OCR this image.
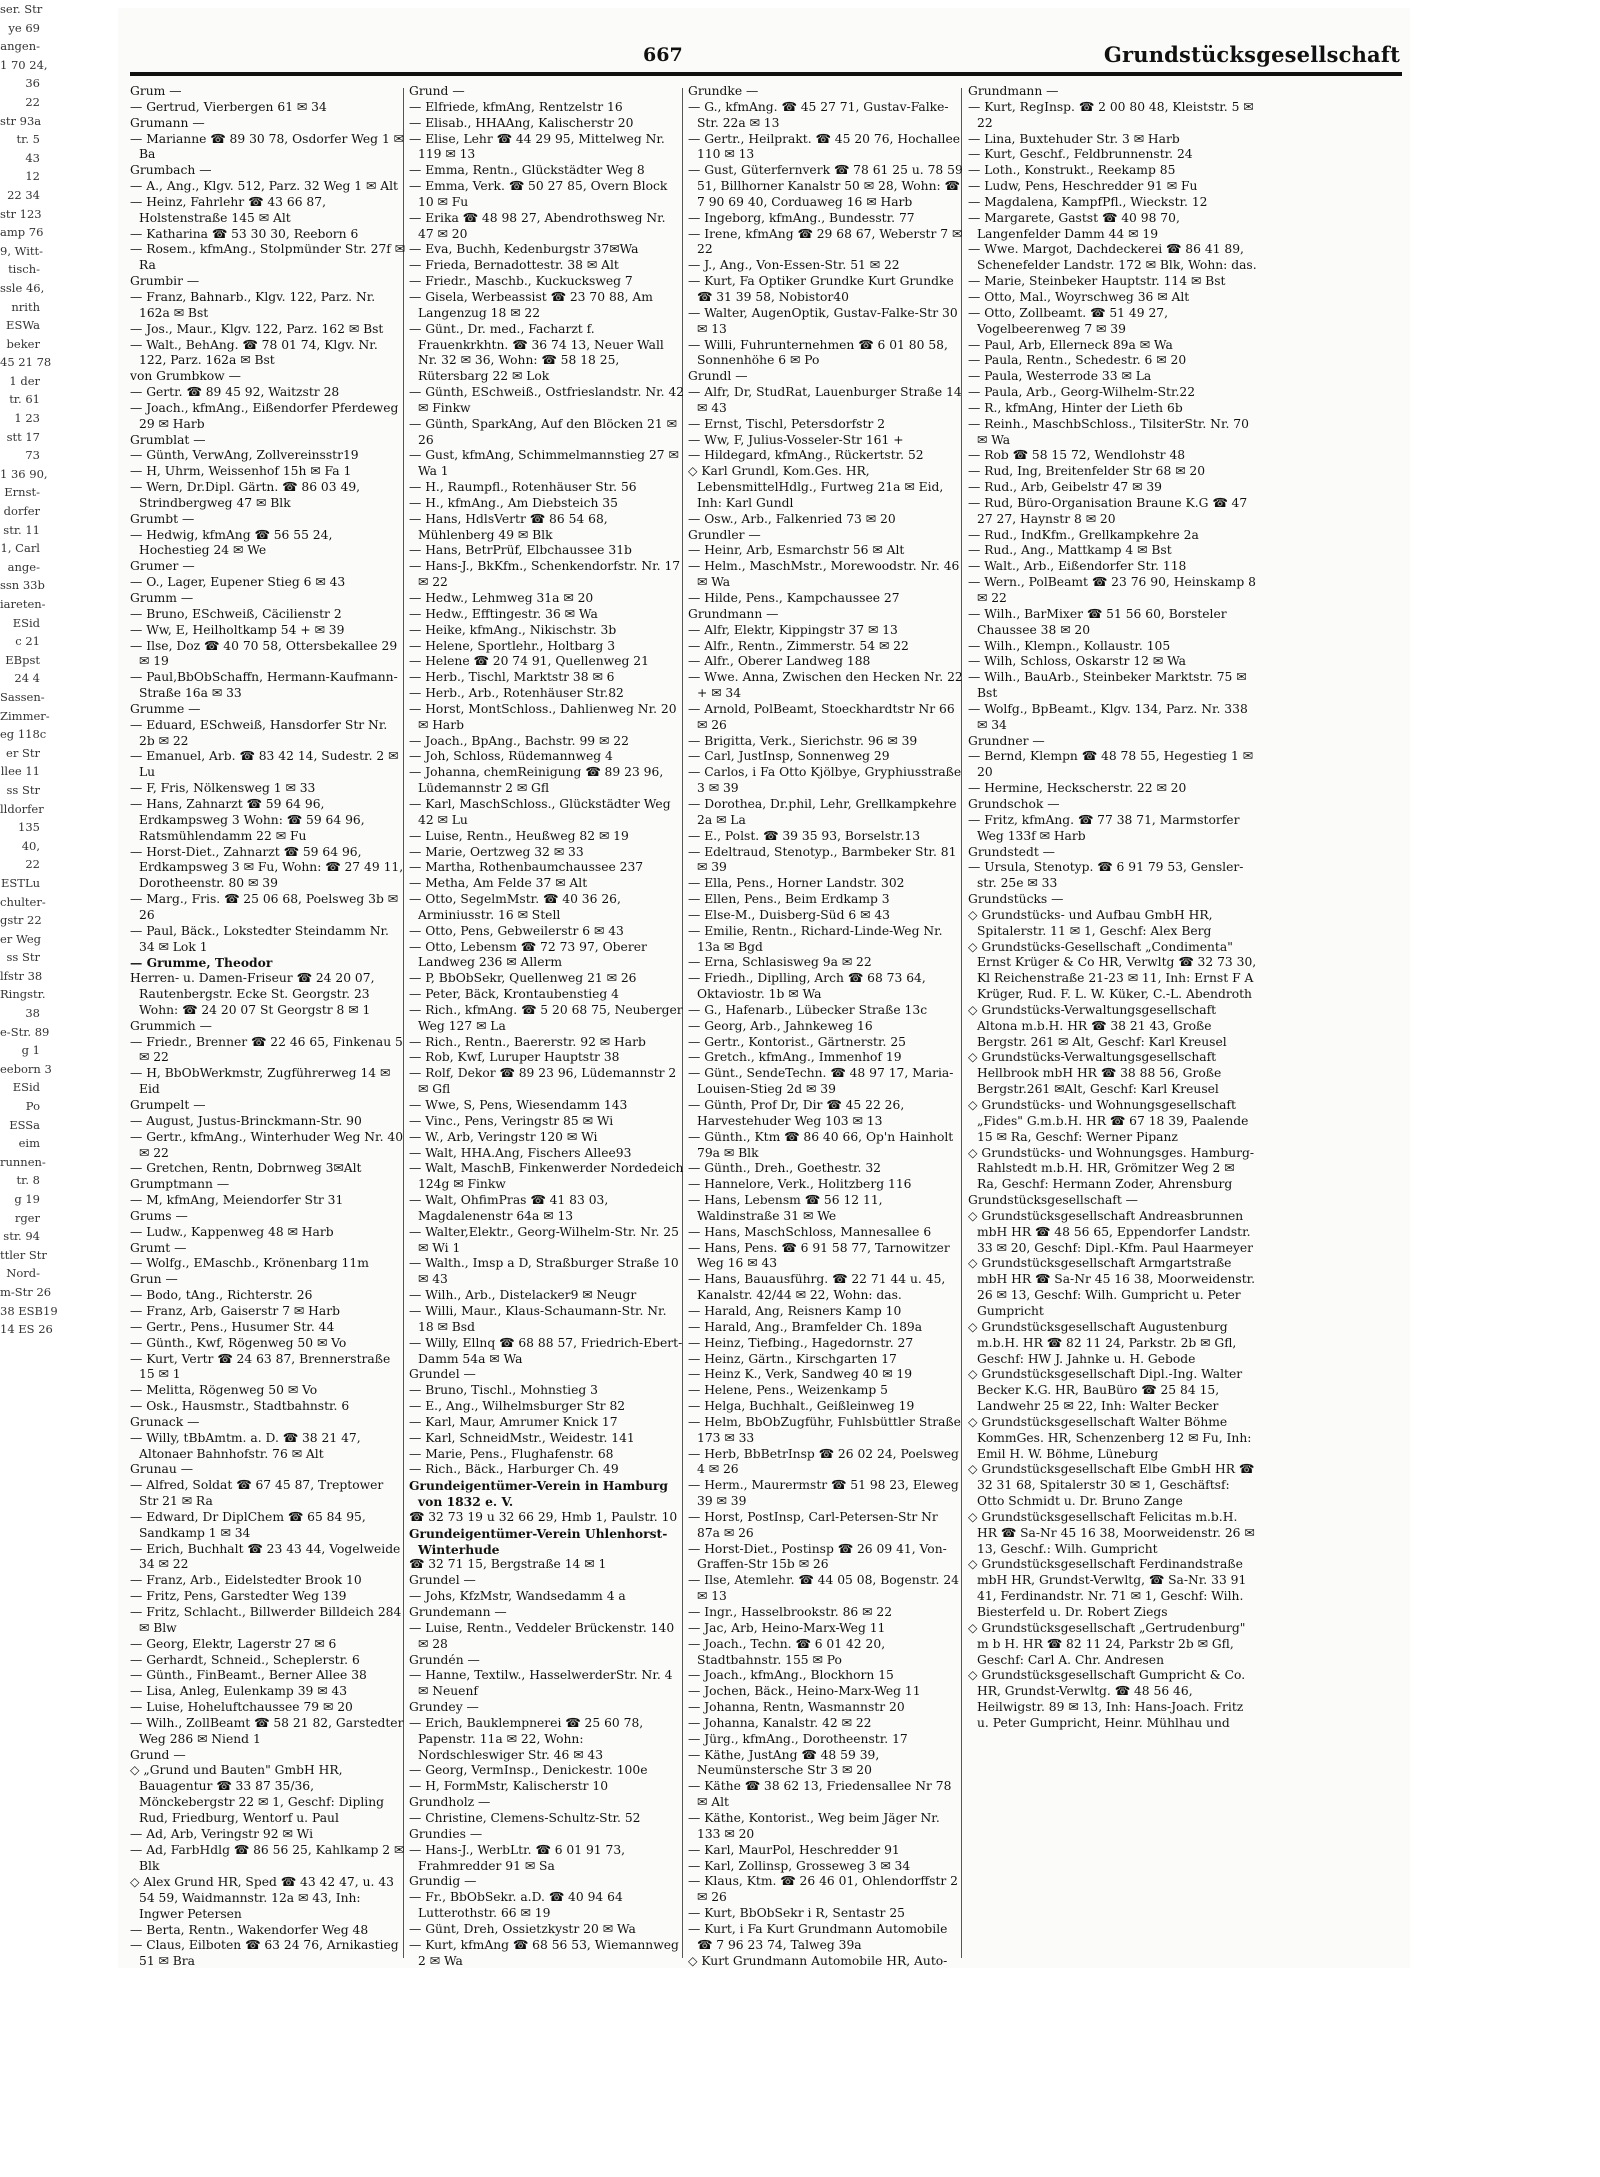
ser. Str
ye 69
angen-
1 70 24,
36
22
str 93a
tr. 5
43
12
22 34
str 123
amp 76
9, Witt-
tisch-
ssle 46,
nrith
ESWa
beker
45 21 78
1 der
tr. 61
1 23
stt 17
73
1 36 90,
Ernst-
dorfer
str. 11
1, Carl
ange-
ssn 33b
iareten-
ESid
c 21
EBpst
24 4
Sassen-
Zimmer-
eg 118c
er Str
llee 11
ss Str
lldorfer
135
40,
22
ESTLu
chulter-
gstr 22
er Weg
ss Str
lfstr 38
Ringstr.
38
e-Str. 89
g 1
eeborn 3
ESid
Po
ESSa
eim
runnen-
tr. 8
g 19
rger
str. 94
ttler Str
Nord-
m-Str 26
38 ESB19
14 ES 26
667	Grundstücksgesellschaft
Grum —
— Gertrud, Vierbergen 61 ✉ 34
Grumann —
— Marianne ☎ 89 30 78, Osdorfer Weg 1 ✉ Ba
Grumbach —
— A., Ang., Klgv. 512, Parz. 32 Weg 1 ✉ Alt
— Heinz, Fahrlehr ☎ 43 66 87, Holstenstraße 145 ✉ Alt
— Katharina ☎ 53 30 30, Reeborn 6
— Rosem., kfmAng., Stolpmünder Str. 27f ✉ Ra
Grumbir —
— Franz, Bahnarb., Klgv. 122, Parz. Nr. 162a ✉ Bst
— Jos., Maur., Klgv. 122, Parz. 162 ✉ Bst
— Walt., BehAng. ☎ 78 01 74, Klgv. Nr. 122, Parz. 162a ✉ Bst
von Grumbkow —
— Gertr. ☎ 89 45 92, Waitzstr 28
— Joach., kfmAng., Eißendorfer Pferdeweg 29 ✉ Harb
Grumblat —
— Günth, VerwAng, Zollvereinsstr19
— H, Uhrm, Weissenhof 15h ✉ Fa 1
— Wern, Dr.Dipl. Gärtn. ☎ 86 03 49, Strindbergweg 47 ✉ Blk
Grumbt —
— Hedwig, kfmAng ☎ 56 55 24, Hochestieg 24 ✉ We
Grumer —
— O., Lager, Eupener Stieg 6 ✉ 43
Grumm —
— Bruno, ESchweiß, Cäcilienstr 2
— Ww, E, Heilholtkamp 54 + ✉ 39
— Ilse, Doz ☎ 40 70 58, Ottersbekallee 29 ✉ 19
— Paul,BbObSchaffn, Hermann-Kaufmann-Straße 16a ✉ 33
Grumme —
— Eduard, ESchweiß, Hansdorfer Str Nr. 2b ✉ 22
— Emanuel, Arb. ☎ 83 42 14, Sudestr. 2 ✉ Lu
— F, Fris, Nölkensweg 1 ✉ 33
— Hans, Zahnarzt ☎ 59 64 96, Erdkampsweg 3 Wohn: ☎ 59 64 96, Ratsmühlendamm 22 ✉ Fu
— Horst-Diet., Zahnarzt ☎ 59 64 96, Erdkampsweg 3 ✉ Fu, Wohn: ☎ 27 49 11, Dorotheenstr. 80 ✉ 39
— Marg., Fris. ☎ 25 06 68, Poelsweg 3b ✉ 26
— Paul, Bäck., Lokstedter Steindamm Nr. 34 ✉ Lok 1
— Grumme, Theodor
Herren- u. Damen-Friseur ☎ 24 20 07, Rautenbergstr. Ecke St. Georgstr. 23 Wohn: ☎ 24 20 07 St Georgstr 8 ✉ 1
Grummich —
— Friedr., Brenner ☎ 22 46 65, Finkenau 5 ✉ 22
— H, BbObWerkmstr, Zugführerweg 14 ✉ Eid
Grumpelt —
— August, Justus-Brinckmann-Str. 90
— Gertr., kfmAng., Winterhuder Weg Nr. 40 ✉ 22
— Gretchen, Rentn, Dobrnweg 3✉Alt
Grumptmann —
— M, kfmAng, Meiendorfer Str 31
Grums —
— Ludw., Kappenweg 48 ✉ Harb
Grumt —
— Wolfg., EMaschb., Krönenbarg 11m
Grun —
— Bodo, tAng., Richterstr. 26
— Franz, Arb, Gaiserstr 7 ✉ Harb
— Gertr., Pens., Husumer Str. 44
— Günth., Kwf, Rögenweg 50 ✉ Vo
— Kurt, Vertr ☎ 24 63 87, Brennerstraße 15 ✉ 1
— Melitta, Rögenweg 50 ✉ Vo
— Osk., Hausmstr., Stadtbahnstr. 6
Grunack —
— Willy, tBbAmtm. a. D. ☎ 38 21 47, Altonaer Bahnhofstr. 76 ✉ Alt
Grunau —
— Alfred, Soldat ☎ 67 45 87, Treptower Str 21 ✉ Ra
— Edward, Dr DiplChem ☎ 65 84 95, Sandkamp 1 ✉ 34
— Erich, Buchhalt ☎ 23 43 44, Vogelweide 34 ✉ 22
— Franz, Arb., Eidelstedter Brook 10
— Fritz, Pens, Garstedter Weg 139
— Fritz, Schlacht., Billwerder Billdeich 284 ✉ Blw
— Georg, Elektr, Lagerstr 27 ✉ 6
— Gerhardt, Schneid., Scheplerstr. 6
— Günth., FinBeamt., Berner Allee 38
— Lisa, Anleg, Eulenkamp 39 ✉ 43
— Luise, Hoheluftchaussee 79 ✉ 20
— Wilh., ZollBeamt ☎ 58 21 82, Garstedter Weg 286 ✉ Niend 1
Grund —
◇ „Grund und Bauten" GmbH HR, Bauagentur ☎ 33 87 35/36, Mönckebergstr 22 ✉ 1, Geschf: Dipling Rud, Friedburg, Wentorf u. Paul
— Ad, Arb, Veringstr 92 ✉ Wi
— Ad, FarbHdlg ☎ 86 56 25, Kahlkamp 2 ✉ Blk
◇ Alex Grund HR, Sped ☎ 43 42 47, u. 43 54 59, Waidmannstr. 12a ✉ 43, Inh: Ingwer Petersen
— Berta, Rentn., Wakendorfer Weg 48
— Claus, Eilboten ☎ 63 24 76, Arnikastieg 51 ✉ Bra
Grund —
— Elfriede, kfmAng, Rentzelstr 16
— Elisab., HHAAng, Kalischerstr 20
— Elise, Lehr ☎ 44 29 95, Mittelweg Nr. 119 ✉ 13
— Emma, Rentn., Glückstädter Weg 8
— Emma, Verk. ☎ 50 27 85, Overn Block 10 ✉ Fu
— Erika ☎ 48 98 27, Abendrothsweg Nr. 47 ✉ 20
— Eva, Buchh, Kedenburgstr 37✉Wa
— Frieda, Bernadottestr. 38 ✉ Alt
— Friedr., Maschb., Kuckucksweg 7
— Gisela, Werbeassist ☎ 23 70 88, Am Langenzug 18 ✉ 22
— Günt., Dr. med., Facharzt f. Frauenkrkhtn. ☎ 36 74 13, Neuer Wall Nr. 32 ✉ 36, Wohn: ☎ 58 18 25, Rütersbarg 22 ✉ Lok
— Günth, ESchweiß., Ostfrieslandstr. Nr. 42 ✉ Finkw
— Günth, SparkAng, Auf den Blöcken 21 ✉ 26
— Gust, kfmAng, Schimmelmannstieg 27 ✉ Wa 1
— H., Raumpfl., Rotenhäuser Str. 56
— H., kfmAng., Am Diebsteich 35
— Hans, HdlsVertr ☎ 86 54 68, Mühlenberg 49 ✉ Blk
— Hans, BetrPrüf, Elbchaussee 31b
— Hans-J., BkKfm., Schenkendorfstr. Nr. 17 ✉ 22
— Hedw., Lehmweg 31a ✉ 20
— Hedw., Efftingestr. 36 ✉ Wa
— Heike, kfmAng., Nikischstr. 3b
— Helene, Sportlehr., Holtbarg 3
— Helene ☎ 20 74 91, Quellenweg 21
— Herb., Tischl, Marktstr 38 ✉ 6
— Herb., Arb., Rotenhäuser Str.82
— Horst, MontSchloss., Dahlienweg Nr. 20 ✉ Harb
— Joach., BpAng., Bachstr. 99 ✉ 22
— Joh, Schloss, Rüdemannweg 4
— Johanna, chemReinigung ☎ 89 23 96, Lüdemannstr 2 ✉ Gfl
— Karl, MaschSchloss., Glückstädter Weg 42 ✉ Lu
— Luise, Rentn., Heußweg 82 ✉ 19
— Marie, Oertzweg 32 ✉ 33
— Martha, Rothenbaumchaussee 237
— Metha, Am Felde 37 ✉ Alt
— Otto, SegelmMstr. ☎ 40 36 26, Arminiusstr. 16 ✉ Stell
— Otto, Pens, Gebweilerstr 6 ✉ 43
— Otto, Lebensm ☎ 72 73 97, Oberer Landweg 236 ✉ Allerm
— P, BbObSekr, Quellenweg 21 ✉ 26
— Peter, Bäck, Krontaubenstieg 4
— Rich., kfmAng. ☎ 5 20 68 75, Neuberger Weg 127 ✉ La
— Rich., Rentn., Baererstr. 92 ✉ Harb
— Rob, Kwf, Luruper Hauptstr 38
— Rolf, Dekor ☎ 89 23 96, Lüdemannstr 2 ✉ Gfl
— Wwe, S, Pens, Wiesendamm 143
— Vinc., Pens, Veringstr 85 ✉ Wi
— W., Arb, Veringstr 120 ✉ Wi
— Walt, HHA.Ang, Fischers Allee93
— Walt, MaschB, Finkenwerder Nordedeich 124g ✉ Finkw
— Walt, OhfimPras ☎ 41 83 03, Magdalenenstr 64a ✉ 13
— Walter,Elektr., Georg-Wilhelm-Str. Nr. 25 ✉ Wi 1
— Walth., Imsp a D, Straßburger Straße 10 ✉ 43
— Wilh., Arb., Distelacker9 ✉ Neugr
— Willi, Maur., Klaus-Schaumann-Str. Nr. 18 ✉ Bsd
— Willy, Ellnq ☎ 68 88 57, Friedrich-Ebert-Damm 54a ✉ Wa
Grundel —
— Bruno, Tischl., Mohnstieg 3
— E., Ang., Wilhelmsburger Str 82
— Karl, Maur, Amrumer Knick 17
— Karl, SchneidMstr., Weidestr. 141
— Marie, Pens., Flughafenstr. 68
— Rich., Bäck., Harburger Ch. 49
Grundeigentümer-Verein in Hamburg von 1832 e. V.
☎ 32 73 19 u 32 66 29, Hmb 1, Paulstr. 10
Grundeigentümer-Verein Uhlenhorst-Winterhude
☎ 32 71 15, Bergstraße 14 ✉ 1
Grundel —
— Johs, KfzMstr, Wandsedamm 4 a
Grundemann —
— Luise, Rentn., Veddeler Brückenstr. 140 ✉ 28
Grundén —
— Hanne, Textilw., HasselwerderStr. Nr. 4 ✉ Neuenf
Grundey —
— Erich, Bauklempnerei ☎ 25 60 78, Papenstr. 11a ✉ 22, Wohn: Nordschleswiger Str. 46 ✉ 43
— Georg, VermInsp., Denickestr. 100e
— H, FormMstr, Kalischerstr 10
Grundholz —
— Christine, Clemens-Schultz-Str. 52
Grundies —
— Hans-J., WerbLtr. ☎ 6 01 91 73, Frahmredder 91 ✉ Sa
Grundig —
— Fr., BbObSekr. a.D. ☎ 40 94 64 Lutterothstr. 66 ✉ 19
— Günt, Dreh, Ossietzkystr 20 ✉ Wa
— Kurt, kfmAng ☎ 68 56 53, Wiemannweg 2 ✉ Wa
Grundke —
— G., kfmAng. ☎ 45 27 71, Gustav-Falke-Str. 22a ✉ 13
— Gertr., Heilprakt. ☎ 45 20 76, Hochallee 110 ✉ 13
— Gust, Güterfernverk ☎ 78 61 25 u. 78 59 51, Billhorner Kanalstr 50 ✉ 28, Wohn: ☎ 7 90 69 40, Corduaweg 16 ✉ Harb
— Ingeborg, kfmAng., Bundesstr. 77
— Irene, kfmAng ☎ 29 68 67, Weberstr 7 ✉ 22
— J., Ang., Von-Essen-Str. 51 ✉ 22
— Kurt, Fa Optiker Grundke Kurt Grundke ☎ 31 39 58, Nobistor40
— Walter, AugenOptik, Gustav-Falke-Str 30 ✉ 13
— Willi, Fuhrunternehmen ☎ 6 01 80 58, Sonnenhöhe 6 ✉ Po
Grundl —
— Alfr, Dr, StudRat, Lauenburger Straße 14 ✉ 43
— Ernst, Tischl, Petersdorfstr 2
— Ww, F, Julius-Vosseler-Str 161 +
— Hildegard, kfmAng., Rückertstr. 52
◇ Karl Grundl, Kom.Ges. HR, LebensmittelHdlg., Furtweg 21a ✉ Eid, Inh: Karl Gundl
— Osw., Arb., Falkenried 73 ✉ 20
Grundler —
— Heinr, Arb, Esmarchstr 56 ✉ Alt
— Helm., MaschMstr., Morewoodstr. Nr. 46 ✉ Wa
— Hilde, Pens., Kampchaussee 27
Grundmann —
— Alfr, Elektr, Kippingstr 37 ✉ 13
— Alfr., Rentn., Zimmerstr. 54 ✉ 22
— Alfr., Oberer Landweg 188
— Wwe. Anna, Zwischen den Hecken Nr. 22 + ✉ 34
— Arnold, PolBeamt, Stoeckhardtstr Nr 66 ✉ 26
— Brigitta, Verk., Sierichstr. 96 ✉ 39
— Carl, JustInsp, Sonnenweg 29
— Carlos, i Fa Otto Kjölbye, Gryphiusstraße 3 ✉ 39
— Dorothea, Dr.phil, Lehr, Grellkampkehre 2a ✉ La
— E., Polst. ☎ 39 35 93, Borselstr.13
— Edeltraud, Stenotyp., Barmbeker Str. 81 ✉ 39
— Ella, Pens., Horner Landstr. 302
— Ellen, Pens., Beim Erdkamp 3
— Else-M., Duisberg-Süd 6 ✉ 43
— Emilie, Rentn., Richard-Linde-Weg Nr. 13a ✉ Bgd
— Erna, Schlasisweg 9a ✉ 22
— Friedh., Diplling, Arch ☎ 68 73 64, Oktaviostr. 1b ✉ Wa
— G., Hafenarb., Lübecker Straße 13c
— Georg, Arb., Jahnkeweg 16
— Gertr., Kontorist., Gärtnerstr. 25
— Gretch., kfmAng., Immenhof 19
— Günt., SendeTechn. ☎ 48 97 17, Maria-Louisen-Stieg 2d ✉ 39
— Günth, Prof Dr, Dir ☎ 45 22 26, Harvestehuder Weg 103 ✉ 13
— Günth., Ktm ☎ 86 40 66, Op'n Hainholt 79a ✉ Blk
— Günth., Dreh., Goethestr. 32
— Hannelore, Verk., Holitzberg 116
— Hans, Lebensm ☎ 56 12 11, Waldinstraße 31 ✉ We
— Hans, MaschSchloss, Mannesallee 6
— Hans, Pens. ☎ 6 91 58 77, Tarnowitzer Weg 16 ✉ 43
— Hans, Bauausführg. ☎ 22 71 44 u. 45, Kanalstr. 42/44 ✉ 22, Wohn: das.
— Harald, Ang, Reisners Kamp 10
— Harald, Ang., Bramfelder Ch. 189a
— Heinz, Tiefbing., Hagedornstr. 27
— Heinz, Gärtn., Kirschgarten 17
— Heinz K., Verk, Sandweg 40 ✉ 19
— Helene, Pens., Weizenkamp 5
— Helga, Buchhalt., Geißleinweg 19
— Helm, BbObZugführ, Fuhlsbüttler Straße 173 ✉ 33
— Herb, BbBetrInsp ☎ 26 02 24, Poelsweg 4 ✉ 26
— Herm., Maurermstr ☎ 51 98 23, Eleweg 39 ✉ 39
— Horst, PostInsp, Carl-Petersen-Str Nr 87a ✉ 26
— Horst-Diet., Postinsp ☎ 26 09 41, Von-Graffen-Str 15b ✉ 26
— Ilse, Atemlehr. ☎ 44 05 08, Bogenstr. 24 ✉ 13
— Ingr., Hasselbrookstr. 86 ✉ 22
— Jac, Arb, Heino-Marx-Weg 11
— Joach., Techn. ☎ 6 01 42 20, Stadtbahnstr. 155 ✉ Po
— Joach., kfmAng., Blockhorn 15
— Jochen, Bäck., Heino-Marx-Weg 11
— Johanna, Rentn, Wasmannstr 20
— Johanna, Kanalstr. 42 ✉ 22
— Jürg., kfmAng., Dorotheenstr. 17
— Käthe, JustAng ☎ 48 59 39, Neumünstersche Str 3 ✉ 20
— Käthe ☎ 38 62 13, Friedensallee Nr 78 ✉ Alt
— Käthe, Kontorist., Weg beim Jäger Nr. 133 ✉ 20
— Karl, MaurPol, Heschredder 91
— Karl, Zollinsp, Grosseweg 3 ✉ 34
— Klaus, Ktm. ☎ 26 46 01, Ohlendorffstr 2 ✉ 26
— Kurt, BbObSekr i R, Sentastr 25
— Kurt, i Fa Kurt Grundmann Automobile ☎ 7 96 23 74, Talweg 39a
◇ Kurt Grundmann Automobile HR, Auto-
Grundmann —
— Kurt, RegInsp. ☎ 2 00 80 48, Kleiststr. 5 ✉ 22
— Lina, Buxtehuder Str. 3 ✉ Harb
— Kurt, Geschf., Feldbrunnenstr. 24
— Loth., Konstrukt., Reekamp 85
— Ludw, Pens, Heschredder 91 ✉ Fu
— Magdalena, KampfPfl., Wieckstr. 12
— Margarete, Gastst ☎ 40 98 70, Langenfelder Damm 44 ✉ 19
— Wwe. Margot, Dachdeckerei ☎ 86 41 89, Schenefelder Landstr. 172 ✉ Blk, Wohn: das.
— Marie, Steinbeker Hauptstr. 114 ✉ Bst
— Otto, Mal., Woyrschweg 36 ✉ Alt
— Otto, Zollbeamt. ☎ 51 49 27, Vogelbeerenweg 7 ✉ 39
— Paul, Arb, Ellerneck 89a ✉ Wa
— Paula, Rentn., Schedestr. 6 ✉ 20
— Paula, Westerrode 33 ✉ La
— Paula, Arb., Georg-Wilhelm-Str.22
— R., kfmAng, Hinter der Lieth 6b
— Reinh., MaschbSchloss., TilsiterStr. Nr. 70 ✉ Wa
— Rob ☎ 58 15 72, Wendlohstr 48
— Rud, Ing, Breitenfelder Str 68 ✉ 20
— Rud., Arb, Geibelstr 47 ✉ 39
— Rud, Büro-Organisation Braune K.G ☎ 47 27 27, Haynstr 8 ✉ 20
— Rud., IndKfm., Grellkampkehre 2a
— Rud., Ang., Mattkamp 4 ✉ Bst
— Walt., Arb., Eißendorfer Str. 118
— Wern., PolBeamt ☎ 23 76 90, Heinskamp 8 ✉ 22
— Wilh., BarMixer ☎ 51 56 60, Borsteler Chaussee 38 ✉ 20
— Wilh., Klempn., Kollaustr. 105
— Wilh, Schloss, Oskarstr 12 ✉ Wa
— Wilh., BauArb., Steinbeker Marktstr. 75 ✉ Bst
— Wolfg., BpBeamt., Klgv. 134, Parz. Nr. 338 ✉ 34
Grundner —
— Bernd, Klempn ☎ 48 78 55, Hegestieg 1 ✉ 20
— Hermine, Heckscherstr. 22 ✉ 20
Grundschok —
— Fritz, kfmAng. ☎ 77 38 71, Marmstorfer Weg 133f ✉ Harb
Grundstedt —
— Ursula, Stenotyp. ☎ 6 91 79 53, Genslerstr. 25e ✉ 33
Grundstücks —
◇ Grundstücks- und Aufbau GmbH HR, Spitalerstr. 11 ✉ 1, Geschf: Alex Berg
◇ Grundstücks-Gesellschaft „Condimenta" Ernst Krüger & Co HR, Verwltg ☎ 32 73 30, Kl Reichenstraße 21-23 ✉ 11, Inh: Ernst F A Krüger, Rud. F. L. W. Küker, C.-L. Abendroth
◇ Grundstücks-Verwaltungsgesellschaft Altona m.b.H. HR ☎ 38 21 43, Große Bergstr. 261 ✉ Alt, Geschf: Karl Kreusel
◇ Grundstücks-Verwaltungsgesellschaft Hellbrook mbH HR ☎ 38 88 56, Große Bergstr.261 ✉Alt, Geschf: Karl Kreusel
◇ Grundstücks- und Wohnungsgesellschaft „Fides" G.m.b.H. HR ☎ 67 18 39, Paalende 15 ✉ Ra, Geschf: Werner Pipanz
◇ Grundstücks- und Wohnungsges. Hamburg-Rahlstedt m.b.H. HR, Grömitzer Weg 2 ✉ Ra, Geschf: Hermann Zoder, Ahrensburg
Grundstücksgesellschaft —
◇ Grundstücksgesellschaft Andreasbrunnen mbH HR ☎ 48 56 65, Eppendorfer Landstr. 33 ✉ 20, Geschf: Dipl.-Kfm. Paul Haarmeyer
◇ Grundstücksgesellschaft Armgartstraße mbH HR ☎ Sa-Nr 45 16 38, Moorweidenstr. 26 ✉ 13, Geschf: Wilh. Gumpricht u. Peter Gumpricht
◇ Grundstücksgesellschaft Augustenburg m.b.H. HR ☎ 82 11 24, Parkstr. 2b ✉ Gfl, Geschf: HW J. Jahnke u. H. Gebode
◇ Grundstücksgesellschaft Dipl.-Ing. Walter Becker K.G. HR, BauBüro ☎ 25 84 15, Landwehr 25 ✉ 22, Inh: Walter Becker
◇ Grundstücksgesellschaft Walter Böhme KommGes. HR, Schenzenberg 12 ✉ Fu, Inh: Emil H. W. Böhme, Lüneburg
◇ Grundstücksgesellschaft Elbe GmbH HR ☎ 32 31 68, Spitalerstr 30 ✉ 1, Geschäftsf: Otto Schmidt u. Dr. Bruno Zange
◇ Grundstücksgesellschaft Felicitas m.b.H. HR ☎ Sa-Nr 45 16 38, Moorweidenstr. 26 ✉ 13, Geschf.: Wilh. Gumpricht
◇ Grundstücksgesellschaft Ferdinandstraße mbH HR, Grundst-Verwltg, ☎ Sa-Nr. 33 91 41, Ferdinandstr. Nr. 71 ✉ 1, Geschf: Wilh. Biesterfeld u. Dr. Robert Ziegs
◇ Grundstücksgesellschaft „Gertrudenburg" m b H. HR ☎ 82 11 24, Parkstr 2b ✉ Gfl, Geschf: Carl A. Chr. Andresen
◇ Grundstücksgesellschaft Gumpricht & Co. HR, Grundst-Verwltg. ☎ 48 56 46, Heilwigstr. 89 ✉ 13, Inh: Hans-Joach. Fritz u. Peter Gumpricht, Heinr. Mühlhau und
